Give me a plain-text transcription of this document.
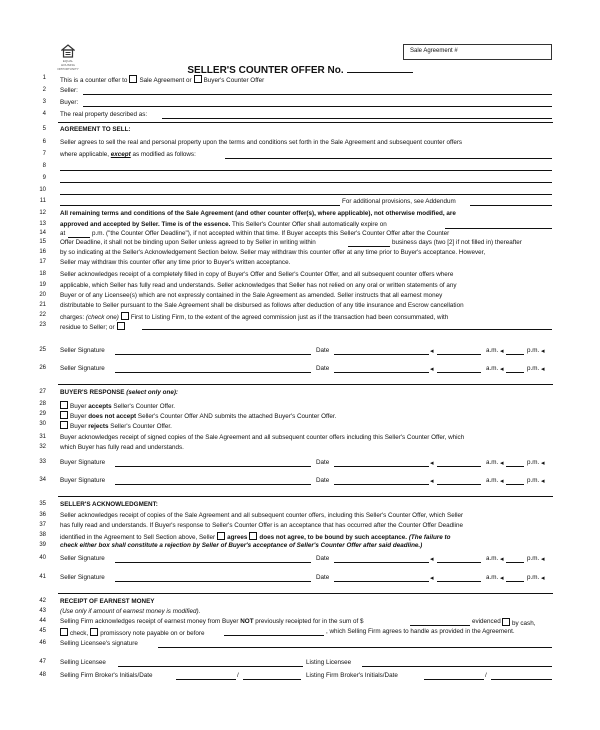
EQUAL HOUSING OPPORTUNITY
Sale Agreement #
SELLER'S COUNTER OFFER No.
1 This is a counter offer to Sale Agreement or Buyer's Counter Offer
2 Seller:
3 Buyer:
4 The real property described as:
5 AGREEMENT TO SELL:
6 Seller agrees to sell the real and personal property upon the terms and conditions set forth in the Sale Agreement and subsequent counter offers
7 where applicable, except as modified as follows:
8
9
10
11	For additional provisions, see Addendum
12 All remaining terms and conditions of the Sale Agreement (and other counter offer(s), where applicable), not otherwise modified, are
13 approved and accepted by Seller. Time is of the essence. This Seller's Counter Offer shall automatically expire on
14 at	p.m. ("the Counter Offer Deadline"), if not accepted within that time. If Buyer accepts this Seller's Counter Offer after the Counter
15 Offer Deadline, it shall not be binding upon Seller unless agreed to by Seller in writing within	business days (two [2] if not filled in) thereafter
16 by so indicating at the Seller's Acknowledgement Section below. Seller may withdraw this counter offer at any time prior to Buyer's acceptance. However,
17 Seller may withdraw this counter offer any time prior to Buyer's written acceptance.
18 Seller acknowledges receipt of a completely filled in copy of Buyer's Offer and Seller's Counter Offer, and all subsequent counter offers where
19 applicable, which Seller has fully read and understands. Seller acknowledges that Seller has not relied on any oral or written statements of any
20 Buyer or of any Licensee(s) which are not expressly contained in the Sale Agreement as amended. Seller instructs that all earnest money
21 distributable to Seller pursuant to the Sale Agreement shall be disbursed as follows after deduction of any title insurance and Escrow cancellation
22 charges: (check one) First to Listing Firm, to the extent of the agreed commission just as if the transaction had been consummated, with
23 residue to Seller; or
25 Seller Signature	Date	◂	a.m. ◂	p.m. ◂
26 Seller Signature	Date	◂	a.m. ◂	p.m. ◂
27 BUYER'S RESPONSE (select only one):
28	Buyer accepts Seller's Counter Offer.
29	Buyer does not accept Seller's Counter Offer AND submits the attached Buyer's Counter Offer.
30	Buyer rejects Seller's Counter Offer.
31 Buyer acknowledges receipt of signed copies of the Sale Agreement and all subsequent counter offers including this Seller's Counter Offer, which
32 which Buyer has fully read and understands.
33 Buyer Signature	Date	◂	a.m. ◂	p.m. ◂
34 Buyer Signature	Date	◂	a.m. ◂	p.m. ◂
35 SELLER'S ACKNOWLEDGMENT:
36 Seller acknowledges receipt of copies of the Sale Agreement and all subsequent counter offers, including this Seller's Counter Offer, which Seller
37 has fully read and understands. If Buyer's response to Seller's Counter Offer is an acceptance that has occurred after the Counter Offer Deadline
38 identified in the Agreement to Sell Section above, Seller agrees does not agree, to be bound by such acceptance. (The failure to
39 check either box shall constitute a rejection by Seller of Buyer's acceptance of Seller's Counter Offer after said deadline.)
40 Seller Signature	Date	◂	a.m. ◂	p.m. ◂
41 Seller Signature	Date	◂	a.m. ◂	p.m. ◂
42 RECEIPT OF EARNEST MONEY
43 (Use only if amount of earnest money is modified).
44 Selling Firm acknowledges receipt of earnest money from Buyer NOT previously receipted for in the sum of $	evidenced	by cash,
45	check, promissory note payable on or before	, which Selling Firm agrees to handle as provided in the Agreement.
46 Selling Licensee's signature
47 Selling Licensee	Listing Licensee
48 Selling Firm Broker's Initials/Date	/	Listing Firm Broker's Initials/Date	/
